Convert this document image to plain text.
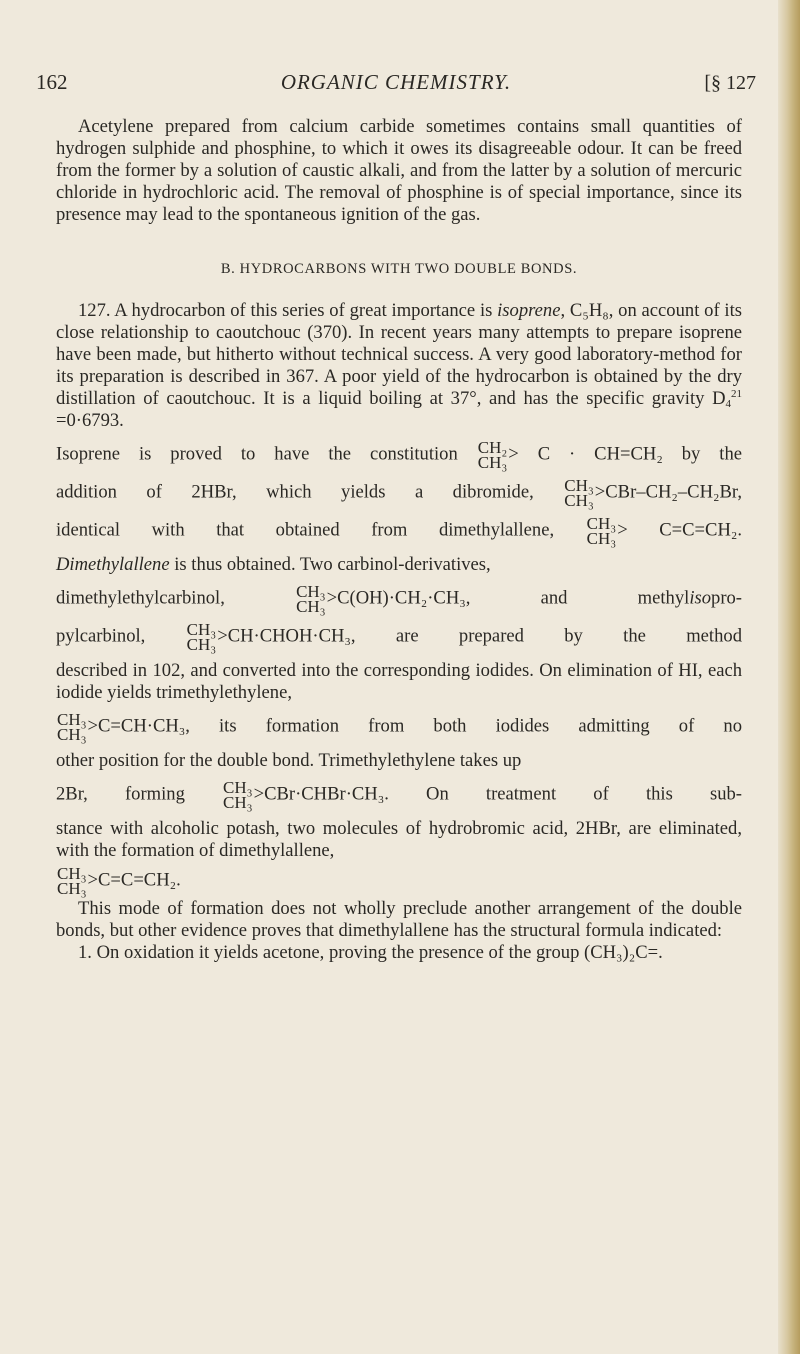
162	ORGANIC CHEMISTRY.	[§ 127

Acetylene prepared from calcium carbide sometimes contains small quantities of hydrogen sulphide and phosphine, to which it owes its disagreeable odour. It can be freed from the former by a solution of caustic alkali, and from the latter by a solution of mercuric chloride in hydrochloric acid. The removal of phosphine is of special importance, since its presence may lead to the spontaneous ignition of the gas.

B. HYDROCARBONS WITH TWO DOUBLE BONDS.

127. A hydrocarbon of this series of great importance is isoprene, C₅H₈, on account of its close relationship to caoutchouc (370). In recent years many attempts to prepare isoprene have been made, but hitherto without technical success. A very good laboratory-method for its preparation is described in 367. A poor yield of the hydrocarbon is obtained by the dry distillation of caoutchouc. It is a liquid boiling at 37°, and has the specific gravity $D_4^{21} =0\cdot 6793$.

Isoprene is proved to have the constitution CH₂
CH₃ > C · CH=CH₂ by the

addition of 2HBr, which yields a dibromide, CH₃
CH₃ >CBr–CH₂–CH₂Br,

identical with that obtained from dimethylallene, CH₃
CH₃ > C=C=CH₂.

Dimethylallene is thus obtained. Two carbinol-derivatives,

dimethylethylcarbinol, CH₃
CH₃ >C(OH)·CH₂·CH₃, and methylisopro-

pylcarbinol, CH₃
CH₃ >CH·CHOH·CH₃, are prepared by the method

described in 102, and converted into the corresponding iodides. On elimination of HI, each iodide yields trimethylethylene,

CH₃
CH₃ >C=CH·CH₃, its formation from both iodides admitting of no

other position for the double bond. Trimethylethylene takes up

2Br, forming CH₃
CH₃ >CBr·CHBr·CH₃. On treatment of this sub-

stance with alcoholic potash, two molecules of hydrobromic acid, 2HBr, are eliminated, with the formation of dimethylallene,

CH₃
CH₃ >C=C=CH₂.

This mode of formation does not wholly preclude another arrangement of the double bonds, but other evidence proves that dimethylallene has the structural formula indicated:

1. On oxidation it yields acetone, proving the presence of the group (CH₃)₂C=.
